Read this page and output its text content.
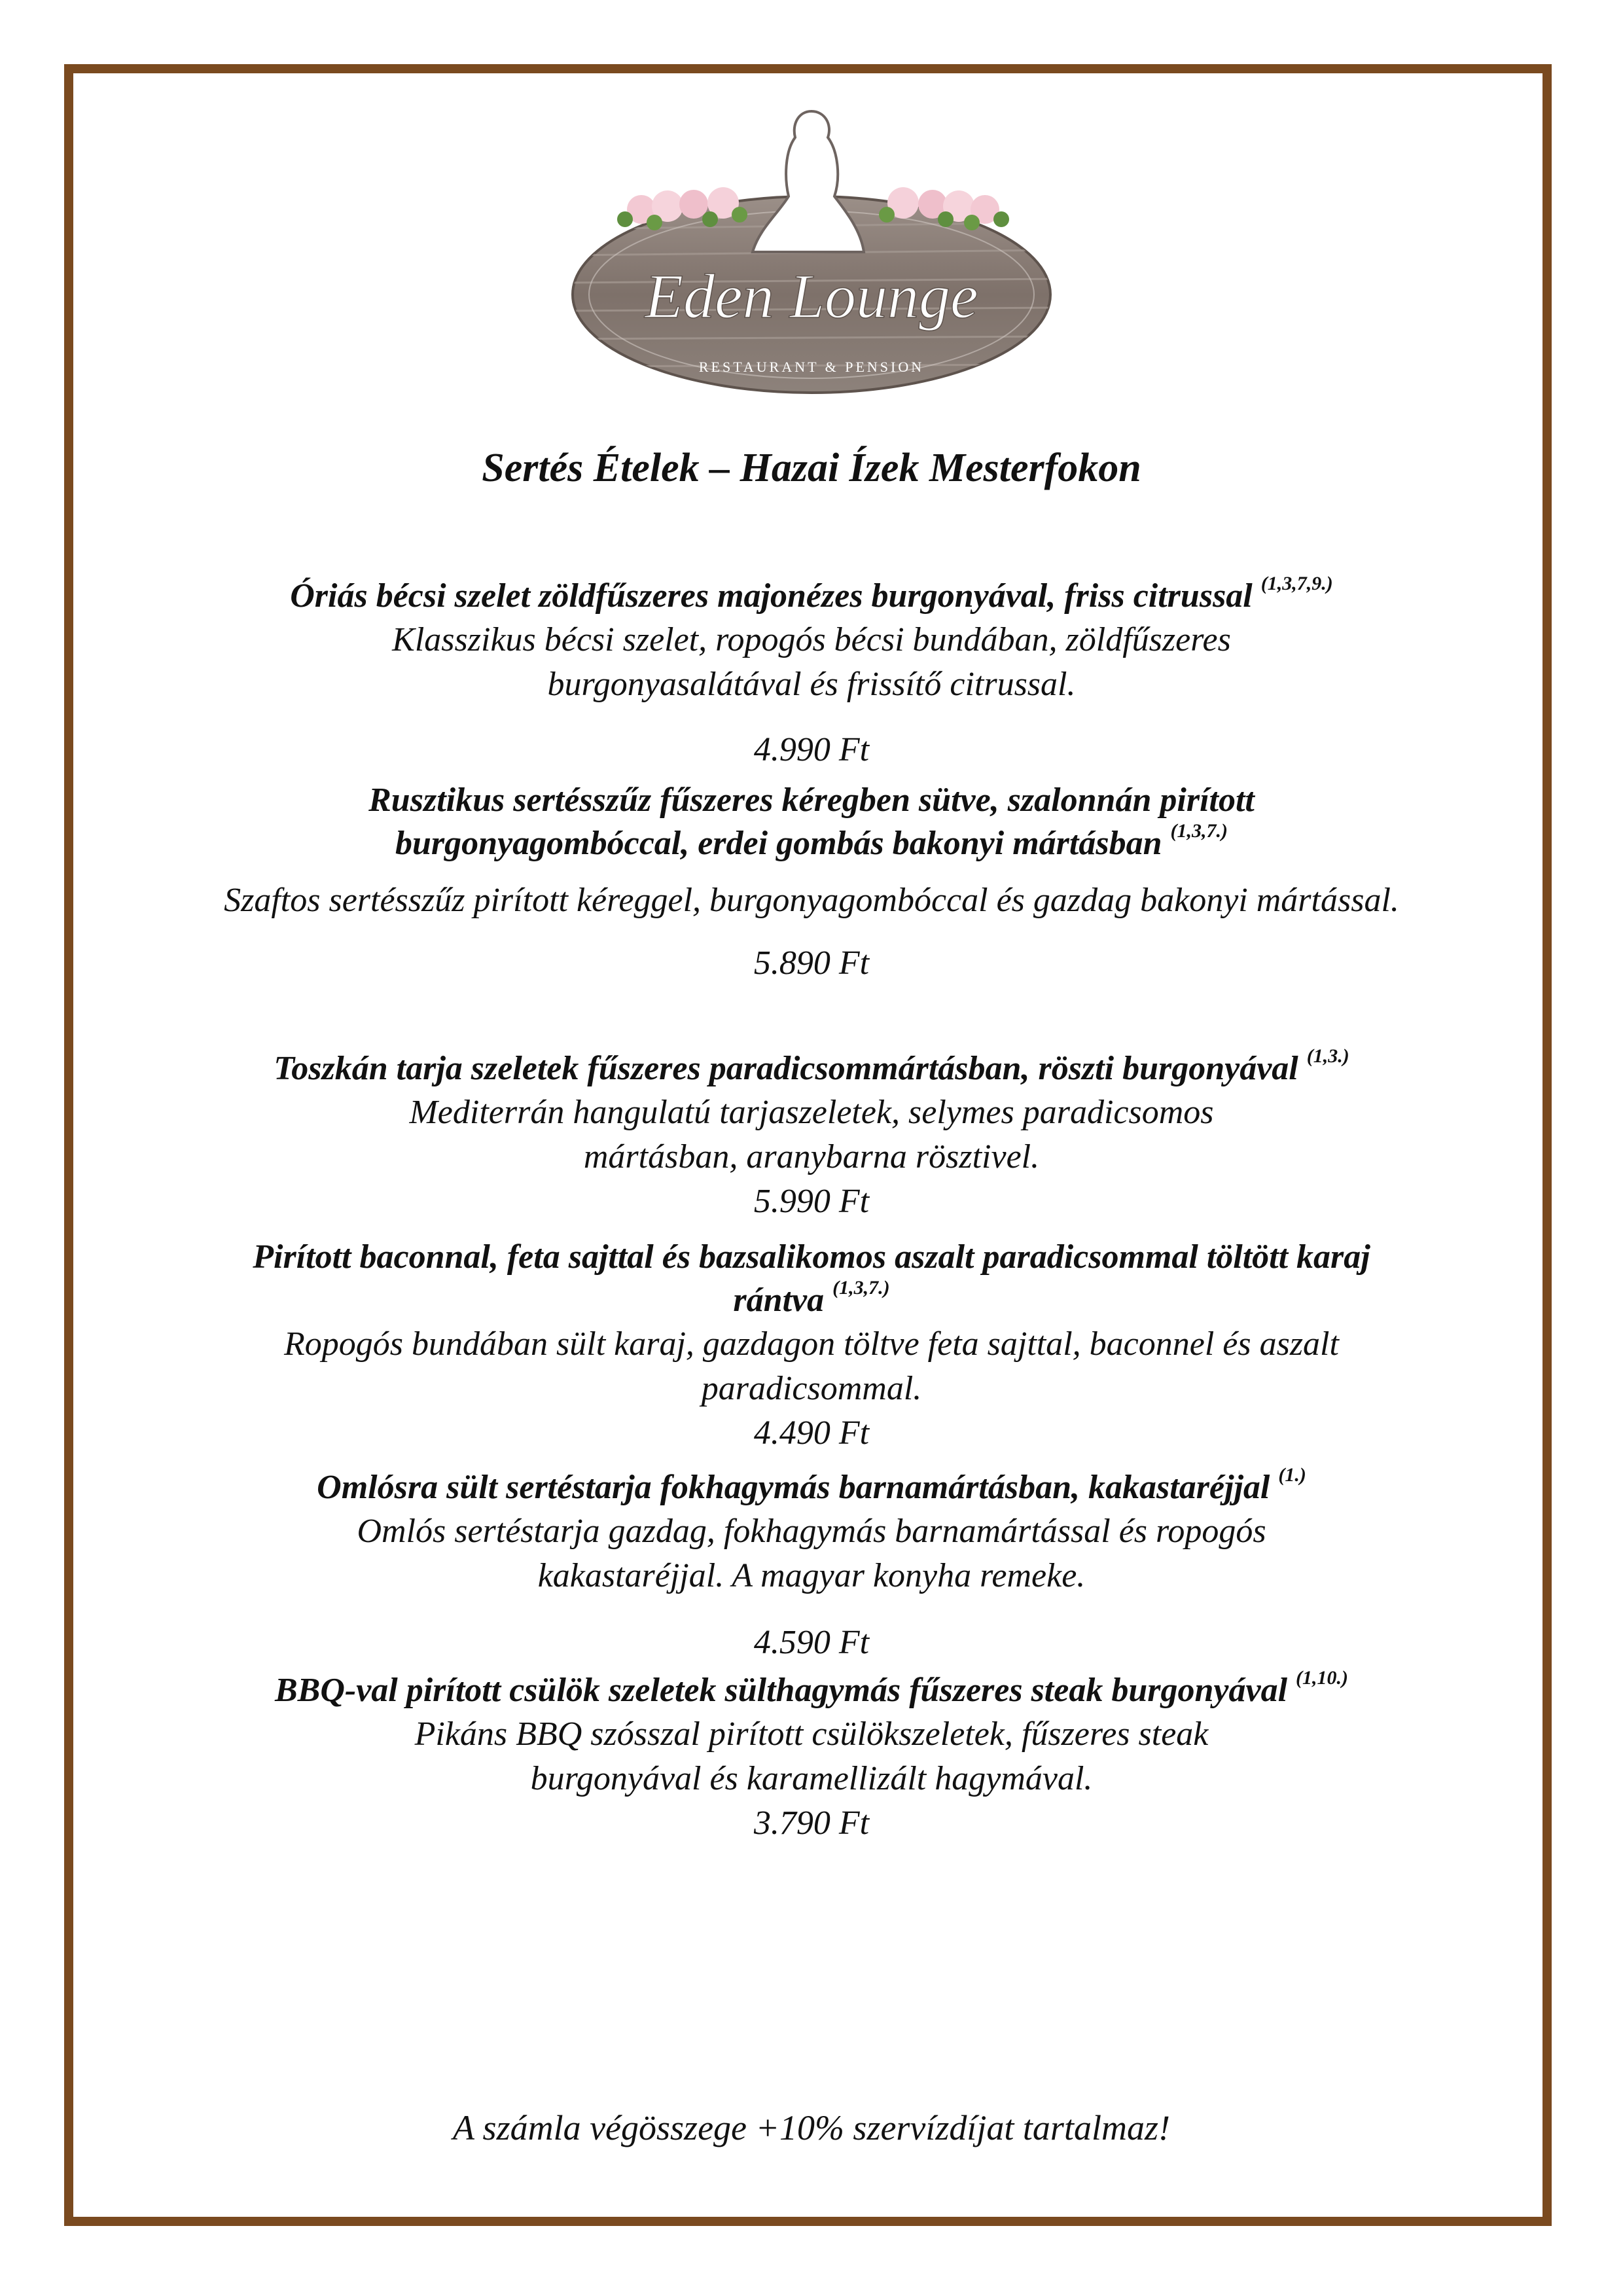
Eden Lounge
RESTAURANT & PENSION
Sertés Ételek – Hazai Ízek Mesterfokon
Óriás bécsi szelet zöldfűszeres majonézes burgonyával, friss citrussal $^{(1,3,7,9.)}$
Klasszikus bécsi szelet, ropogós bécsi bundában, zöldfűszeres burgonyasalátával és frissítő citrussal.
4.990 Ft
Rusztikus sertésszűz fűszeres kéregben sütve, szalonnán pirított burgonyagombóccal, erdei gombás bakonyi mártásban $^{(1,3,7.)}$
Szaftos sertésszűz pirított kéreggel, burgonyagombóccal és gazdag bakonyi mártással.
5.890 Ft
Toszkán tarja szeletek fűszeres paradicsommártásban, röszti burgonyával $^{(1,3.)}$
Mediterrán hangulatú tarjaszeletek, selymes paradicsomos mártásban, aranybarna rösztivel.
5.990 Ft
Pirított baconnal, feta sajttal és bazsalikomos aszalt paradicsommal töltött karaj rántva $^{(1,3,7.)}$
Ropogós bundában sült karaj, gazdagon töltve feta sajttal, baconnel és aszalt paradicsommal.
4.490 Ft
Omlósra sült sertéstarja fokhagymás barnamártásban, kakastaréjjal $^{(1.)}$
Omlós sertéstarja gazdag, fokhagymás barnamártással és ropogós kakastaréjjal. A magyar konyha remeke.
4.590 Ft
BBQ-val pirított csülök szeletek sülthagymás fűszeres steak burgonyával $^{(1,10.)}$
Pikáns BBQ szósszal pirított csülökszeletek, fűszeres steak burgonyával és karamellizált hagymával.
3.790 Ft
A számla végösszege +10% szervízdíjat tartalmaz!
